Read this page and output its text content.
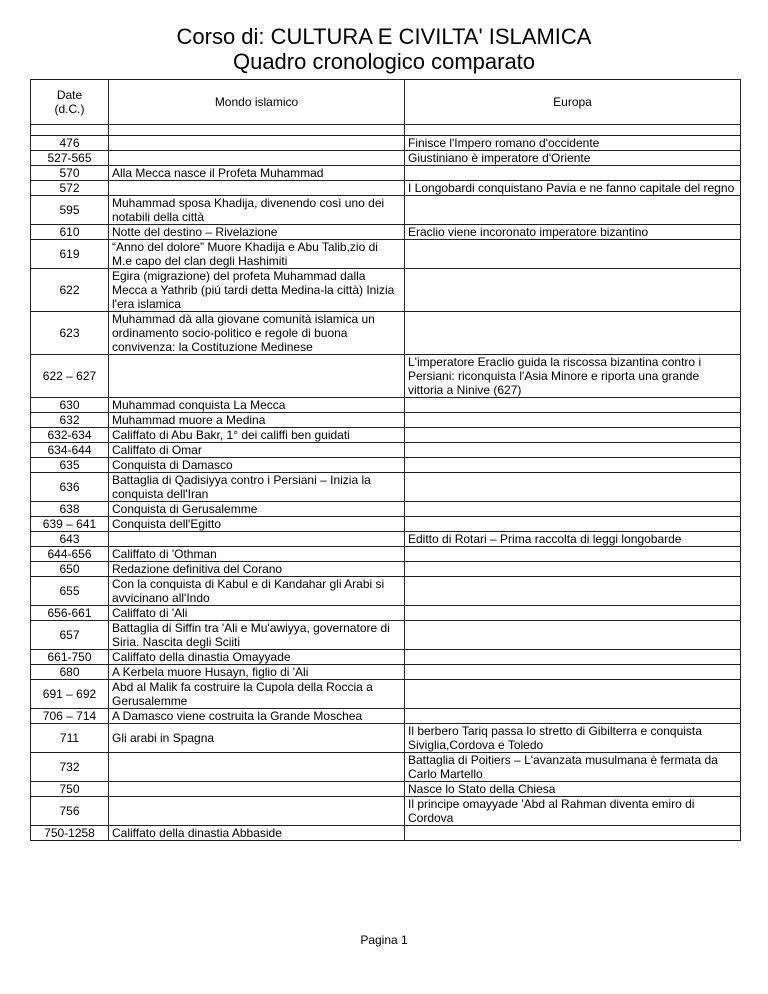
Corso di: CULTURA E CIVILTA' ISLAMICA
Quadro cronologico comparato
Date
(d.C.)	Mondo islamico	Europa

476		Finisce l'Impero romano d'occidente
527-565		Giustiniano è imperatore d'Oriente
570	Alla Mecca nasce il Profeta Muhammad	
572		I Longobardi conquistano Pavia e ne fanno capitale del regno
595	Muhammad sposa Khadija, divenendo così uno dei notabili della città	
610	Notte del destino – Rivelazione	Eraclio viene incoronato imperatore bizantino
619	“Anno del dolore” Muore Khadija e Abu Talib,zio di M.e capo del clan degli Hashimiti	
622	Egira (migrazione) del profeta Muhammad dalla Mecca a Yathrib (piú tardi detta Medina-la città) Inizia l'era islamica	
623	Muhammad dà alla giovane comunità islamica un ordinamento socio-politico e regole di buona convivenza: la Costituzione Medinese	
622 – 627		L'imperatore Eraclio guida la riscossa bizantina contro i Persiani: riconquista l'Asia Minore e riporta una grande vittoria a Ninive (627)
630	Muhammad conquista La Mecca	
632	Muhammad muore a Medina	
632-634	Califfato di Abu Bakr, 1° dei califfi ben guidati	
634-644	Califfato di Omar	
635	Conquista di Damasco	
636	Battaglia di Qadisiyya contro i Persiani – Inizia la conquista dell'Iran	
638	Conquista di Gerusalemme	
639 – 641	Conquista dell'Egitto	
643		Editto di Rotari – Prima raccolta di leggi longobarde
644-656	Califfato di 'Othman	
650	Redazione definitiva del Corano	
655	Con la conquista di Kabul e di Kandahar gli Arabi si avvicinano all'Indo	
656-661	Califfato di 'Ali	
657	Battaglia di Siffin tra 'Ali e Mu'awiyya, governatore di Siria. Nascita degli Sciiti	
661-750	Califfato della dinastia Omayyade	
680	A Kerbela muore Husayn, figlio di 'Ali	
691 – 692	Abd al Malik fa costruire la Cupola della Roccia a Gerusalemme	
706 – 714	A Damasco viene costruita la Grande Moschea	
711	Gli arabi in Spagna	Il berbero Tariq passa lo stretto di Gibilterra e conquista Siviglia,Cordova e Toledo
732		Battaglia di Poitiers – L'avanzata musulmana è fermata da Carlo Martello
750		Nasce lo Stato della Chiesa
756		Il principe omayyade 'Abd al Rahman diventa emiro di Cordova
750-1258	Califfato della dinastia Abbaside	
Pagina 1
